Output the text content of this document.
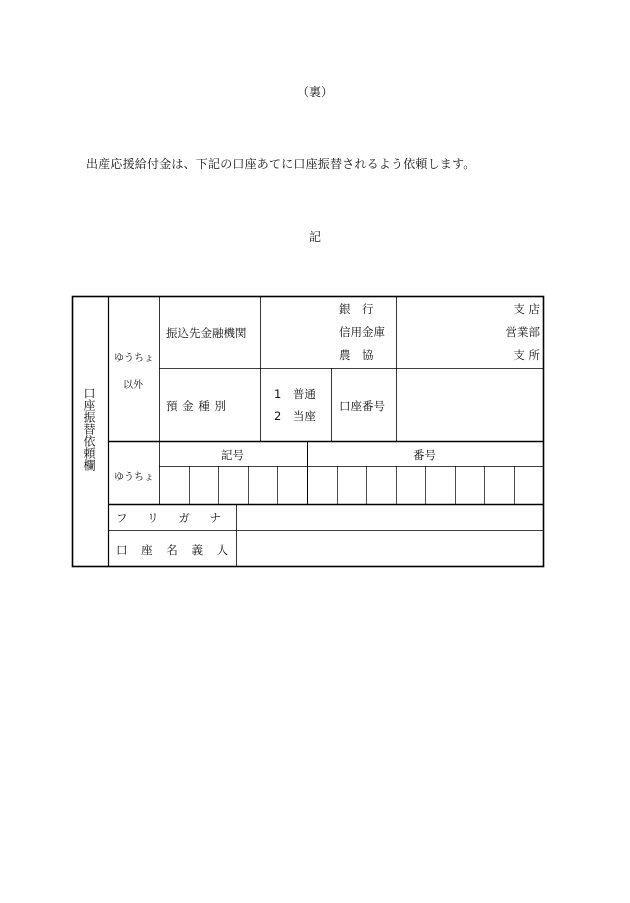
（裏）
出産応援給付金は、下記の口座あてに口座振替されるよう依頼します。
記
口座振替依頼欄
ゆうちょ
以外
振込先金融機関
銀　行
信用金庫
農　協
支 店
営業部
支 所
預 金 種 別
1　普通
2　当座
口座番号
ゆうちょ
記号	番号
フ リ ガ ナ
口 座 名 義 人
